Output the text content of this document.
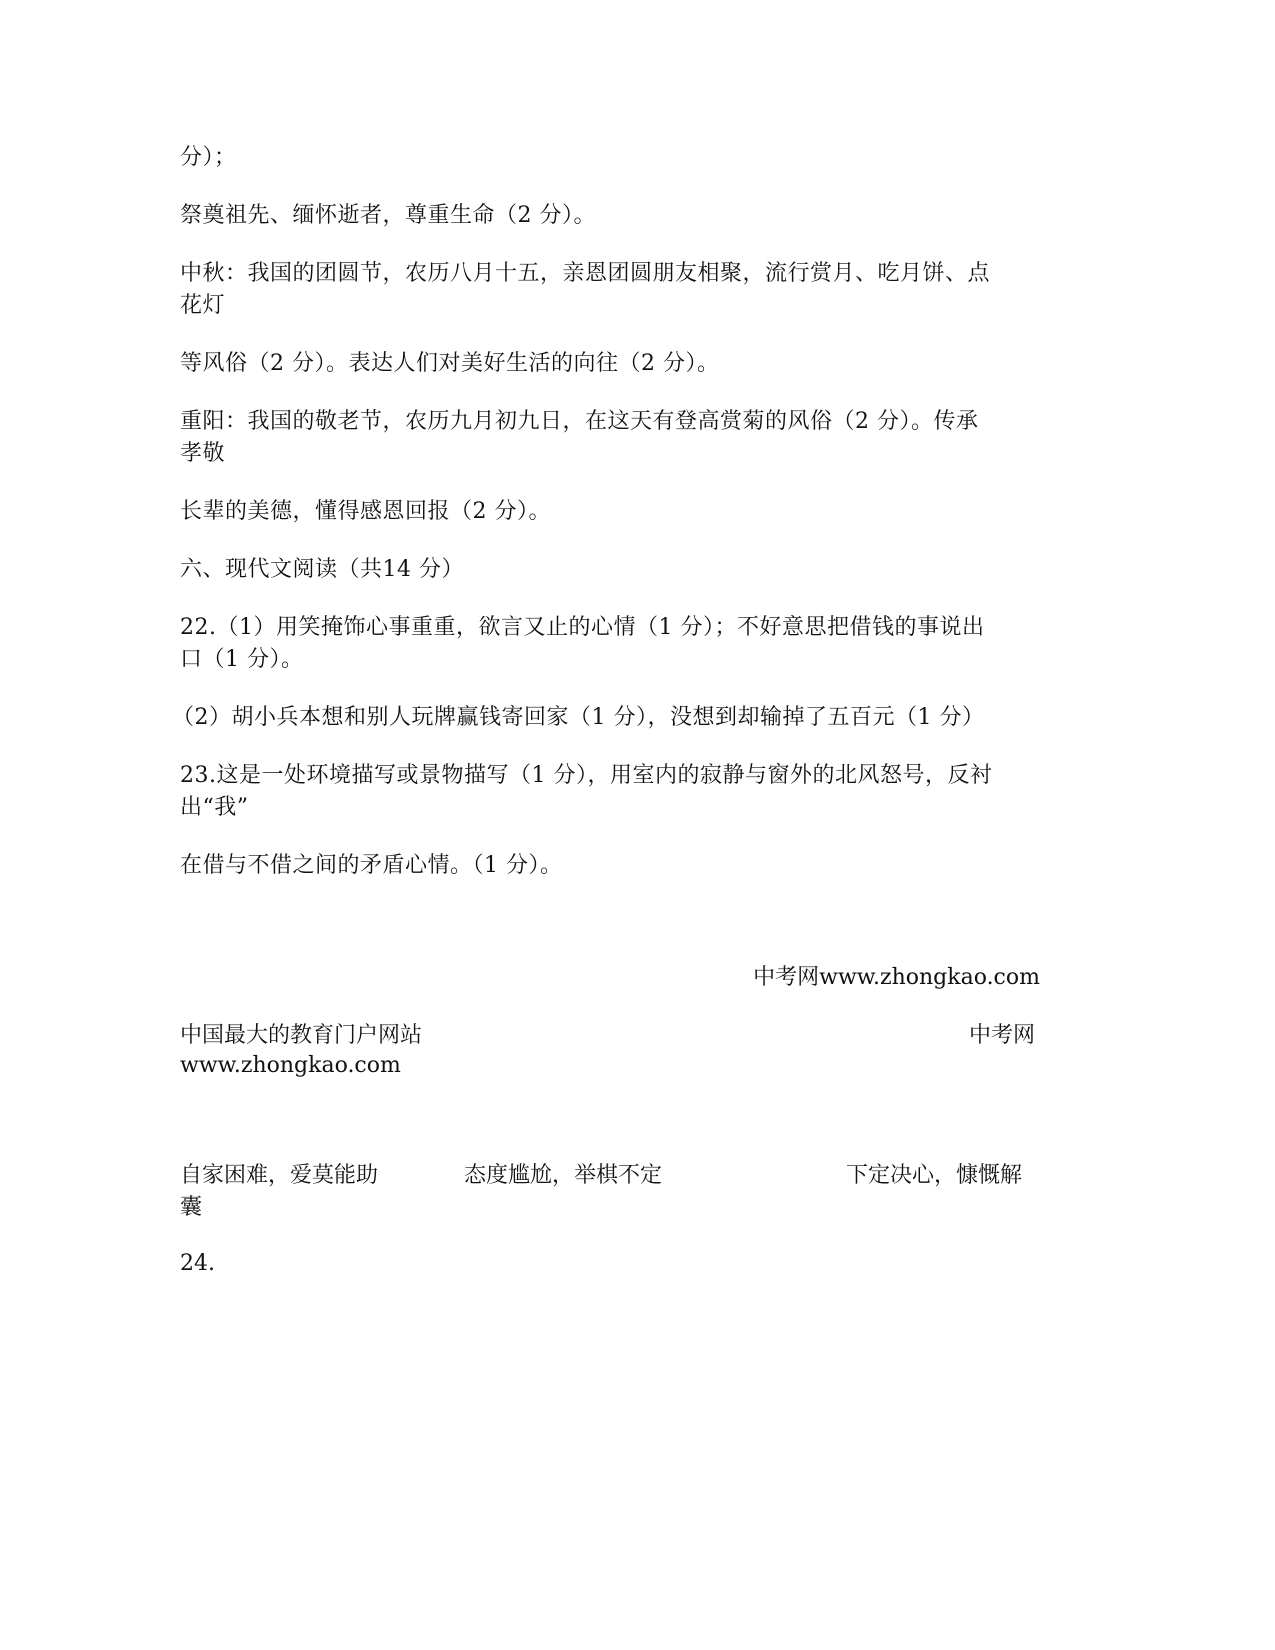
分）；
祭奠祖先、缅怀逝者，尊重生命（2 分）。
中秋：我国的团圆节，农历八月十五，亲恩团圆朋友相聚，流行赏月、吃月饼、点
花灯
等风俗（2 分）。表达人们对美好生活的向往（2 分）。
重阳：我国的敬老节，农历九月初九日，在这天有登高赏菊的风俗（2 分）。传承
孝敬
长辈的美德，懂得感恩回报（2 分）。
六、现代文阅读（共14 分）
22.（1）用笑掩饰心事重重，欲言又止的心情（1 分）；不好意思把借钱的事说出
口（1 分）。
（2）胡小兵本想和别人玩牌赢钱寄回家（1 分），没想到却输掉了五百元（1 分）
23.这是一处环境描写或景物描写（1 分），用室内的寂静与窗外的北风怒号，反衬
出“我”
在借与不借之间的矛盾心情。（1 分）。
中考网www.zhongkao.com
中国最大的教育门户网站	中考网
www.zhongkao.com
自家困难，爱莫能助	态度尴尬，举棋不定	下定决心，慷慨解
囊
24.
